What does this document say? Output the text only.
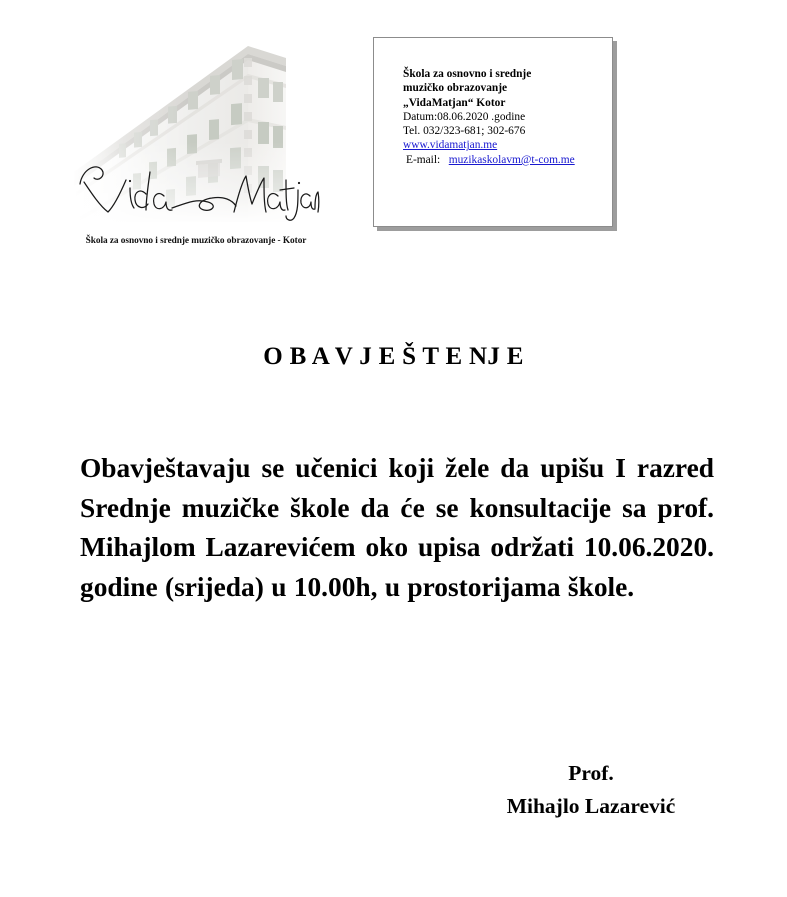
Škola za osnovno i srednje muzičko obrazovanje - Kotor
Škola za osnovno i srednje
muzičko obrazovanje
„VidaMatjan“ Kotor
Datum:08.06.2020 .godine
Tel. 032/323-681; 302-676
www.vidamatjan.me
E-mail: muzikaskolavm@t-com.me
O B A V J E Š T E NJ E
Obavještavaju se učenici koji žele da upišu I razred Srednje muzičke škole da će se konsultacije sa prof. Mihajlom Lazarevićem oko upisa održati 10.06.2020. godine (srijeda) u 10.00h, u prostorijama škole.
Prof.
Mihajlo Lazarević
